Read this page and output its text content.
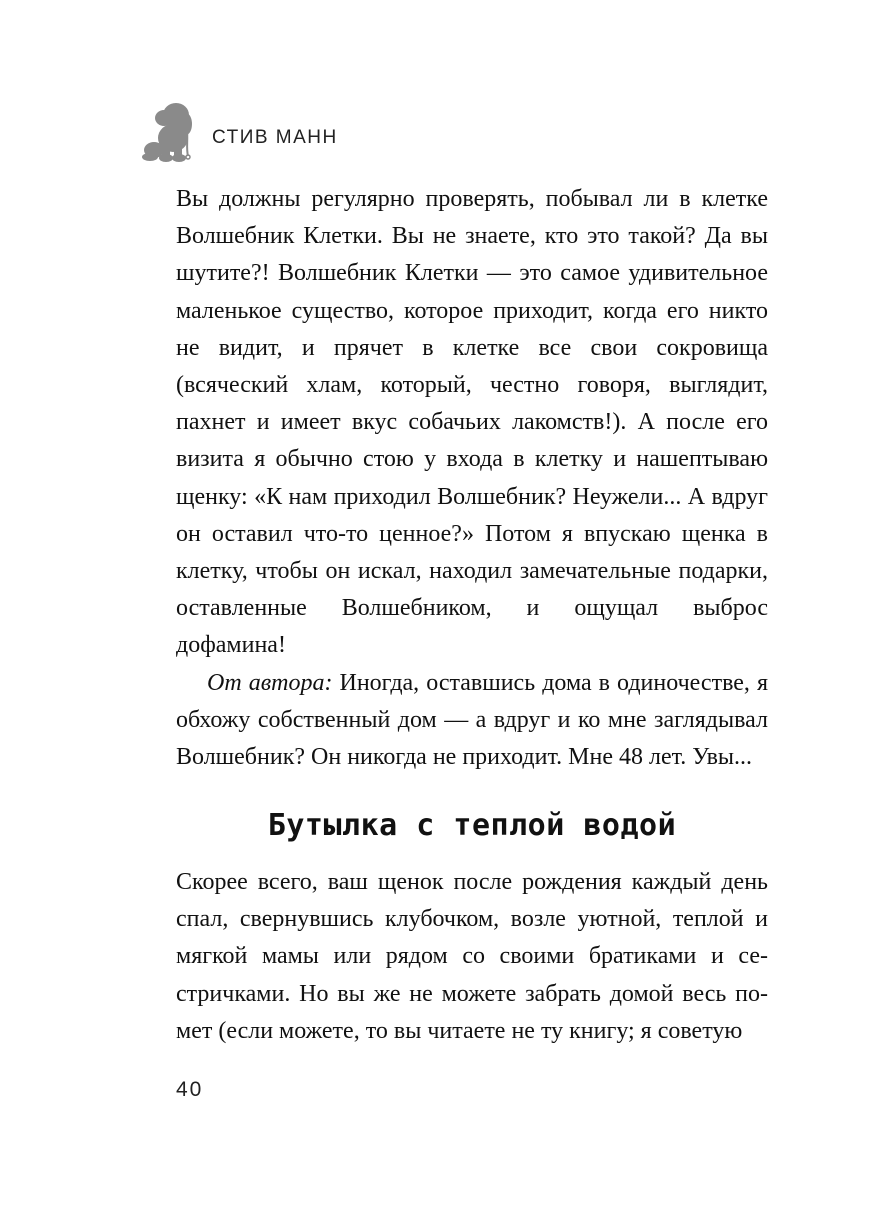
СТИВ МАНН

Вы должны регулярно проверять, побывал ли в клетке Волшебник Клетки. Вы не знаете, кто это такой? Да вы шутите?! Волшебник Клетки — это самое удивительное маленькое существо, которое приходит, когда его никто не видит, и прячет в клетке все свои сокровища (всяческий хлам, который, честно говоря, выглядит, пахнет и имеет вкус собачьих лакомств!). А после его визита я обычно стою у входа в клетку и нашептываю щенку: «К нам приходил Волшебник? Неужели... А вдруг он оставил что-то ценное?» Потом я впускаю щенка в клетку, чтобы он искал, находил замечательные подарки, оставленные Волшебником, и ощущал выброс дофамина!

От автора: Иногда, оставшись дома в одиночестве, я обхожу собственный дом — а вдруг и ко мне заглядывал Волшебник? Он никогда не приходит. Мне 48 лет. Увы...

Бутылка с теплой водой

Скорее всего, ваш щенок после рождения каждый день спал, свернувшись клубочком, возле уютной, теплой и мягкой мамы или рядом со своими братиками и сестричками. Но вы же не можете забрать домой весь помет (если можете, то вы читаете не ту книгу; я советую

40
